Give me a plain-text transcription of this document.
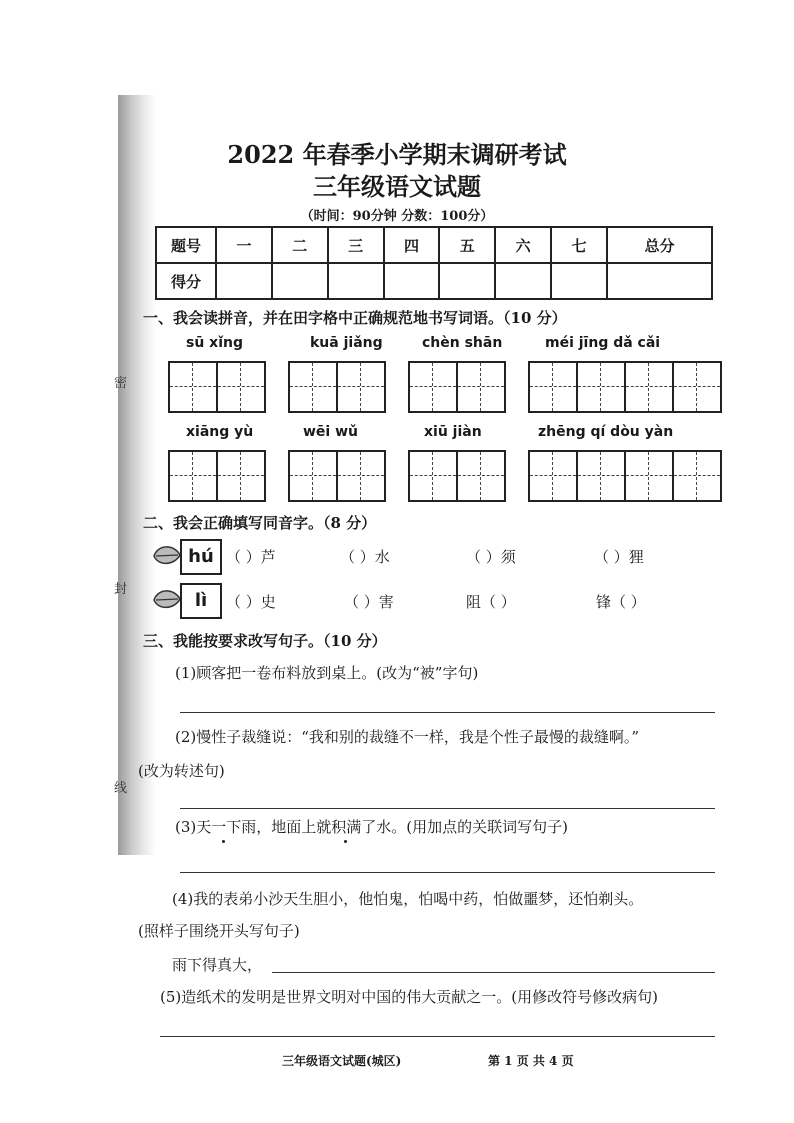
密
封
线
2022 年春季小学期末调研考试
三年级语文试题
（时间：90分钟 分数：100分）
题号	一	二	三	四	五	六	七	总分
得分								
一、我会读拼音，并在田字格中正确规范地书写词语。（10 分）
sū xǐng	kuā jiǎng	chèn shān	méi jīng dǎ cǎi
xiāng yù	wēi wǔ	xiū jiàn	zhēng qí dòu yàn
二、我会正确填写同音字。（8 分）
hú （ ）芦	（ ）水	（ ）须	（ ）狸
lì	（ ）史	（ ）害	阻（ ）	锋（ ）
三、我能按要求改写句子。（10 分）
(1)顾客把一卷布料放到桌上。(改为“被”字句)
(2)慢性子裁缝说：“我和别的裁缝不一样，我是个性子最慢的裁缝啊。”
(改为转述句)
(3)天一下雨，地面上就积满了水。(用加点的关联词写句子)
(4)我的表弟小沙天生胆小，他怕鬼，怕喝中药，怕做噩梦，还怕剃头。
(照样子围绕开头写句子)
雨下得真大，
(5)造纸术的发明是世界文明对中国的伟大贡献之一。(用修改符号修改病句)
三年级语文试题(城区)	第 1 页 共 4 页
